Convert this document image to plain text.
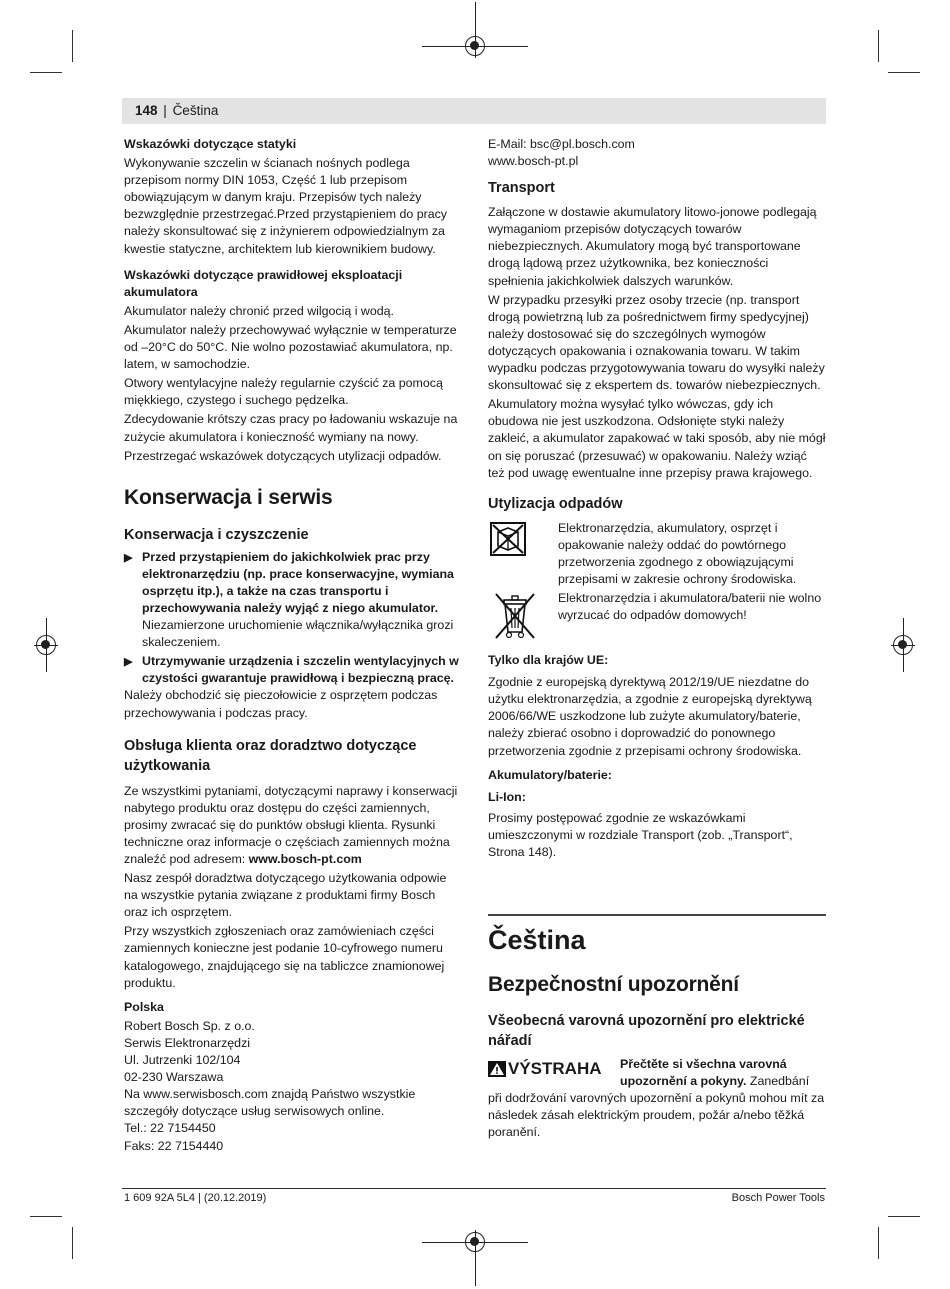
148 | Čeština

Wskazówki dotyczące statyki

Wykonywanie szczelin w ścianach nośnych podlega przepisom normy DIN 1053, Część 1 lub przepisom obowiązującym w danym kraju. Przepisów tych należy bezwzględnie przestrzegać.Przed przystąpieniem do pracy należy skonsultować się z inżynierem odpowiedzialnym za kwestie statyczne, architektem lub kierownikiem budowy.

Wskazówki dotyczące prawidłowej eksploatacji akumulatora

Akumulator należy chronić przed wilgocią i wodą.

Akumulator należy przechowywać wyłącznie w temperaturze od –20°C do 50°C. Nie wolno pozostawiać akumulatora, np. latem, w samochodzie.

Otwory wentylacyjne należy regularnie czyścić za pomocą miękkiego, czystego i suchego pędzelka.

Zdecydowanie krótszy czas pracy po ładowaniu wskazuje na zużycie akumulatora i konieczność wymiany na nowy.

Przestrzegać wskazówek dotyczących utylizacji odpadów.

Konserwacja i serwis

Konserwacja i czyszczenie

▶ Przed przystąpieniem do jakichkolwiek prac przy elektronarzędziu (np. prace konserwacyjne, wymiana osprzętu itp.), a także na czas transportu i przechowywania należy wyjąć z niego akumulator. Niezamierzone uruchomienie włącznika/wyłącznika grozi skaleczeniem.
▶ Utrzymywanie urządzenia i szczelin wentylacyjnych w czystości gwarantuje prawidłową i bezpieczną pracę.

Należy obchodzić się pieczołowicie z osprzętem podczas przechowywania i podczas pracy.

Obsługa klienta oraz doradztwo dotyczące użytkowania

Ze wszystkimi pytaniami, dotyczącymi naprawy i konserwacji nabytego produktu oraz dostępu do części zamiennych, prosimy zwracać się do punktów obsługi klienta. Rysunki techniczne oraz informacje o częściach zamiennych można znaleźć pod adresem: www.bosch-pt.com

Nasz zespół doradztwa dotyczącego użytkowania odpowie na wszystkie pytania związane z produktami firmy Bosch oraz ich osprzętem.

Przy wszystkich zgłoszeniach oraz zamówieniach części zamiennych konieczne jest podanie 10-cyfrowego numeru katalogowego, znajdującego się na tabliczce znamionowej produktu.

Polska

Robert Bosch Sp. z o.o.

Serwis Elektronarzędzi

Ul. Jutrzenki 102/104

02-230 Warszawa

Na www.serwisbosch.com znajdą Państwo wszystkie szczegóły dotyczące usług serwisowych online.

Tel.: 22 7154450

Faks: 22 7154440

E-Mail: bsc@pl.bosch.com

www.bosch-pt.pl

Transport

Załączone w dostawie akumulatory litowo-jonowe podlegają wymaganiom przepisów dotyczących towarów niebezpiecznych. Akumulatory mogą być transportowane drogą lądową przez użytkownika, bez konieczności spełnienia jakichkolwiek dalszych warunków.

W przypadku przesyłki przez osoby trzecie (np. transport drogą powietrzną lub za pośrednictwem firmy spedycyjnej) należy dostosować się do szczególnych wymogów dotyczących opakowania i oznakowania towaru. W takim wypadku podczas przygotowywania towaru do wysyłki należy skonsultować się z ekspertem ds. towarów niebezpiecznych.

Akumulatory można wysyłać tylko wówczas, gdy ich obudowa nie jest uszkodzona. Odsłonięte styki należy zakleić, a akumulator zapakować w taki sposób, aby nie mógł on się poruszać (przesuwać) w opakowaniu. Należy wziąć też pod uwagę ewentualne inne przepisy prawa krajowego.

Utylizacja odpadów

Elektronarzędzia, akumulatory, osprzęt i opakowanie należy oddać do powtórnego przetworzenia zgodnego z obowiązującymi przepisami w zakresie ochrony środowiska.

Elektronarzędzia i akumulatora/baterii nie wolno wyrzucać do odpadów domowych!

Tylko dla krajów UE:

Zgodnie z europejską dyrektywą 2012/19/UE niezdatne do użytku elektronarzędzia, a zgodnie z europejską dyrektywą 2006/66/WE uszkodzone lub zużyte akumulatory/baterie, należy zbierać osobno i doprowadzić do ponownego przetworzenia zgodnie z przepisami ochrony środowiska.

Akumulatory/baterie:

Li-Ion:

Prosimy postępować zgodnie ze wskazówkami umieszczonymi w rozdziale Transport (zob. „Transport“, Strona 148).

Čeština

Bezpečnostní upozornění

Všeobecná varovná upozornění pro elektrické nářadí

VÝSTRAHA	Přečtěte si všechna varovná upozornění a pokyny. Zanedbání při dodržování varovných upozornění a pokynů mohou mít za následek zásah elektrickým proudem, požár a/nebo těžká poranění.

1 609 92A 5L4 | (20.12.2019)	Bosch Power Tools
